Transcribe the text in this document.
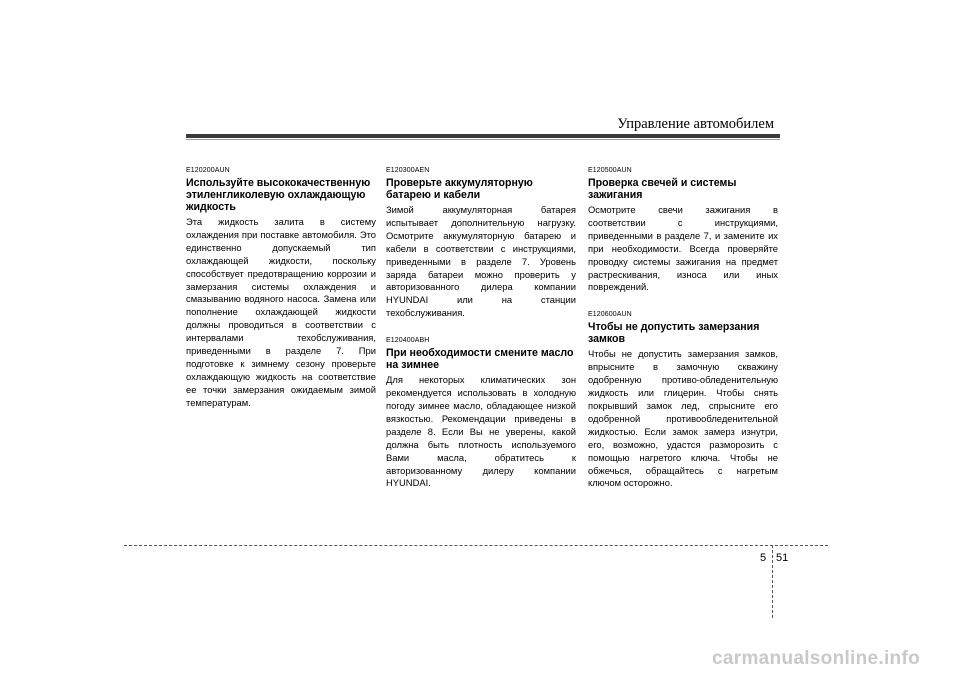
Управление автомобилем
E120200AUN
Используйте высококачественную этиленгликолевую охлаждающую жидкость

Эта жидкость залита в систему охлаждения при поставке автомобиля. Это единственно допускаемый тип охлаждающей жидкости, поскольку способствует предотвращению коррозии и замерзания системы охлаждения и смазыванию водяного насоса. Замена или пополнение охлаждающей жидкости должны проводиться в соответствии с интервалами техобслуживания, приведенными в разделе 7. При подготовке к зимнему сезону проверьте охлаждающую жидкость на соответствие ее точки замерзания ожидаемым зимой температурам.

E120300AEN
Проверьте аккумуляторную батарею и кабели

Зимой аккумуляторная батарея испытывает дополнительную нагрузку. Осмотрите аккумуляторную батарею и кабели в соответствии с инструкциями, приведенными в разделе 7. Уровень заряда батареи можно проверить у авторизованного дилера компании HYUNDAI или на станции техобслуживания.

E120400ABH
При необходимости смените масло на зимнее

Для некоторых климатических зон рекомендуется использовать в холодную погоду зимнее масло, обладающее низкой вязкостью. Рекомендации приведены в разделе 8. Если Вы не уверены, какой должна быть плотность используемого Вами масла, обратитесь к авторизованному дилеру компании HYUNDAI.

E120500AUN
Проверка свечей и системы зажигания

Осмотрите свечи зажигания в соответствии с инструкциями, приведенными в разделе 7, и замените их при необходимости. Всегда проверяйте проводку системы зажигания на предмет растрескивания, износа или иных повреждений.

E120600AUN
Чтобы не допустить замерзания замков

Чтобы не допустить замерзания замков, впрысните в замочную скважину одобренную противо-обледенительную жидкость или глицерин. Чтобы снять покрывший замок лед, спрысните его одобренной противообледенительной жидкостью. Если замок замерз изнутри, его, возможно, удастся разморозить с помощью нагретого ключа. Чтобы не обжечься, обращайтесь с нагретым ключом осторожно.

5 51
carmanualsonline.info
